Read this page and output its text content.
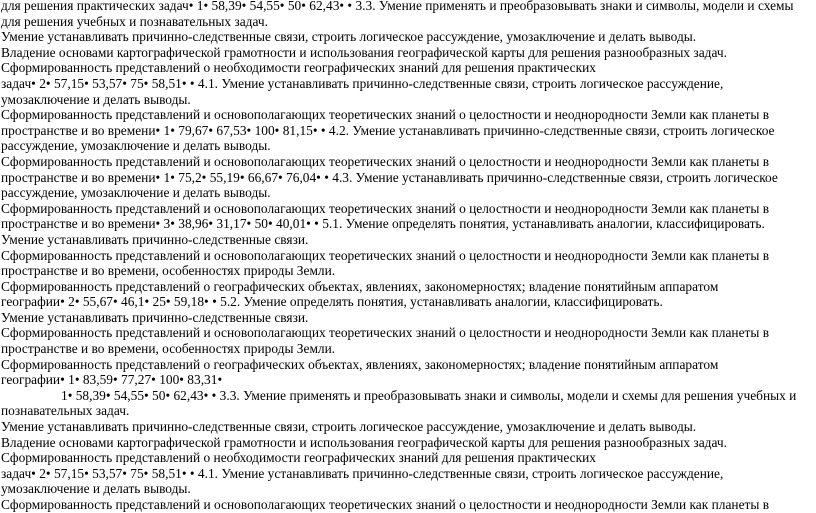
для решения практических задач• 1• 58,39• 54,55• 50• 62,43• • 3.3. Умение применять и преобразовывать знаки и символы, модели и схемы
для решения учебных и познавательных задач.
Умение устанавливать причинно-следственные связи, строить логическое рассуждение, умозаключение и делать выводы.
Владение основами картографической грамотности и использования географической карты для решения разнообразных задач.
Сформированность представлений о необходимости географических знаний для решения практических
задач• 2• 57,15• 53,57• 75• 58,51• • 4.1. Умение устанавливать причинно-следственные связи, строить логическое рассуждение,
умозаключение и делать выводы.
Сформированность представлений и основополагающих теоретических знаний о целостности и неоднородности Земли как планеты в
пространстве и во времени• 1• 79,67• 67,53• 100• 81,15• • 4.2. Умение устанавливать причинно-следственные связи, строить логическое
рассуждение, умозаключение и делать выводы.
Сформированность представлений и основополагающих теоретических знаний о целостности и неоднородности Земли как планеты в
пространстве и во времени• 1• 75,2• 55,19• 66,67• 76,04• • 4.3. Умение устанавливать причинно-следственные связи, строить логическое
рассуждение, умозаключение и делать выводы.
Сформированность представлений и основополагающих теоретических знаний о целостности и неоднородности Земли как планеты в
пространстве и во времени• 3• 38,96• 31,17• 50• 40,01• • 5.1. Умение определять понятия, устанавливать аналогии, классифицировать.
Умение устанавливать причинно-следственные связи.
Сформированность представлений и основополагающих теоретических знаний о целостности и неоднородности Земли как планеты в
пространстве и во времени, особенностях природы Земли.
Сформированность представлений о географических объектах, явлениях, закономерностях; владение понятийным аппаратом
географии• 2• 55,67• 46,1• 25• 59,18• • 5.2. Умение определять понятия, устанавливать аналогии, классифицировать.
Умение устанавливать причинно-следственные связи.
Сформированность представлений и основополагающих теоретических знаний о целостности и неоднородности Земли как планеты в
пространстве и во времени, особенностях природы Земли.
Сформированность представлений о географических объектах, явлениях, закономерностях; владение понятийным аппаратом
географии• 1• 83,59• 77,27• 100• 83,31•
1• 58,39• 54,55• 50• 62,43• • 3.3. Умение применять и преобразовывать знаки и символы, модели и схемы для решения учебных и
познавательных задач.
Умение устанавливать причинно-следственные связи, строить логическое рассуждение, умозаключение и делать выводы.
Владение основами картографической грамотности и использования географической карты для решения разнообразных задач.
Сформированность представлений о необходимости географических знаний для решения практических
задач• 2• 57,15• 53,57• 75• 58,51• • 4.1. Умение устанавливать причинно-следственные связи, строить логическое рассуждение,
умозаключение и делать выводы.
Сформированность представлений и основополагающих теоретических знаний о целостности и неоднородности Земли как планеты в
